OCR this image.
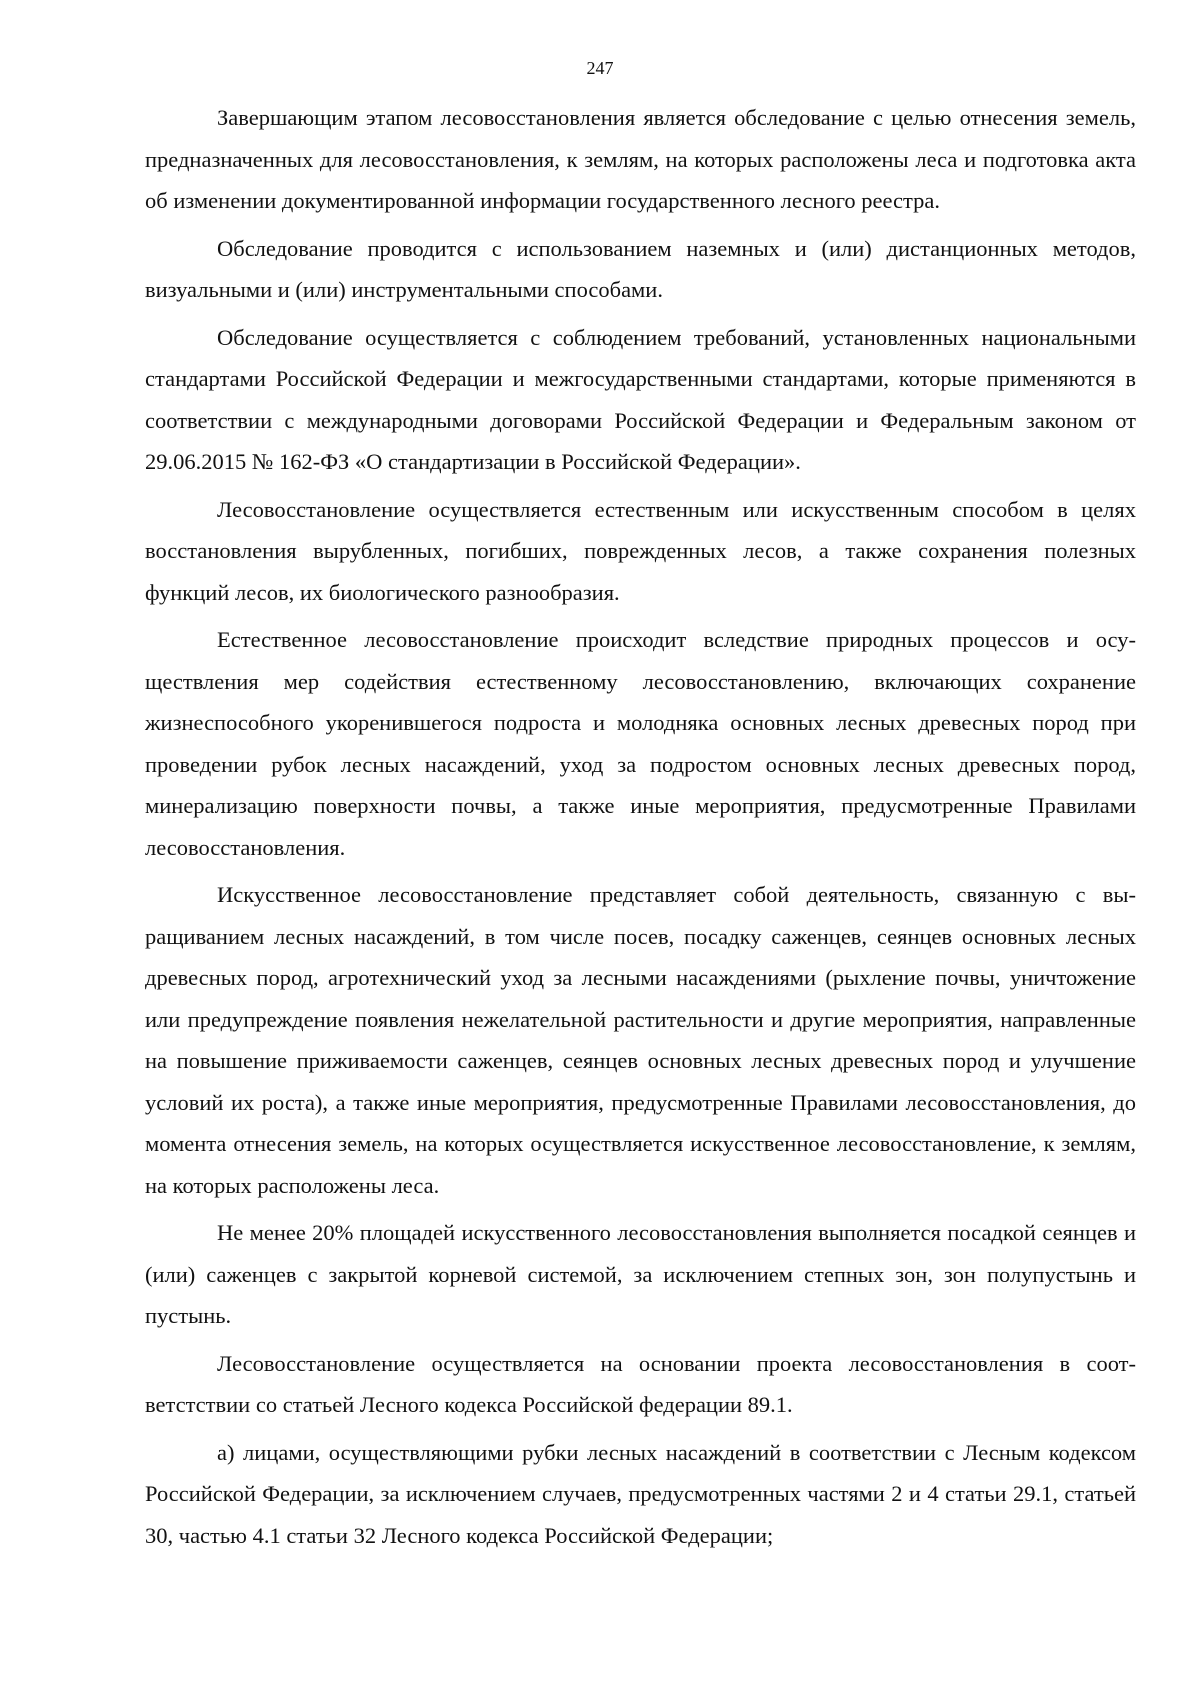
247

Завершающим этапом лесовосстановления является обследование с целью отнесения земель, предназначенных для лесовосстановления, к землям, на которых расположены леса и подготовка акта об изменении документированной информации государственного лесного реестра.

Обследование проводится с использованием наземных и (или) дистанционных методов, визуальными и (или) инструментальными способами.

Обследование осуществляется с соблюдением требований, установленных национальными стандартами Российской Федерации и межгосударственными стандартами, которые применяются в соответствии с международными договорами Российской Федерации и Федеральным законом от 29.06.2015 № 162-ФЗ «О стандартизации в Российской Федерации».

Лесовосстановление осуществляется естественным или искусственным способом в целях восстановления вырубленных, погибших, поврежденных лесов, а также сохранения полезных функций лесов, их биологического разнообразия.

Естественное лесовосстановление происходит вследствие природных процессов и осуществления мер содействия естественному лесовосстановлению, включающих сохранение жизнеспособного укоренившегося подроста и молодняка основных лесных древесных пород при проведении рубок лесных насаждений, уход за подростом основных лесных древесных пород, минерализацию поверхности почвы, а также иные мероприятия, предусмотренные Правилами лесовосстановления.

Искусственное лесовосстановление представляет собой деятельность, связанную с выращиванием лесных насаждений, в том числе посев, посадку саженцев, сеянцев основных лесных древесных пород, агротехнический уход за лесными насаждениями (рыхление почвы, уничтожение или предупреждение появления нежелательной растительности и другие мероприятия, направленные на повышение приживаемости саженцев, сеянцев основных лесных древесных пород и улучшение условий их роста), а также иные мероприятия, предусмотренные Правилами лесовосстановления, до момента отнесения земель, на которых осуществляется искусственное лесовосстановление, к землям, на которых расположены леса.

Не менее 20% площадей искусственного лесовосстановления выполняется посадкой сеянцев и (или) саженцев с закрытой корневой системой, за исключением степных зон, зон полупустынь и пустынь.

Лесовосстановление осуществляется на основании проекта лесовосстановления в соответстствии со статьей Лесного кодекса Российской федерации 89.1.

а) лицами, осуществляющими рубки лесных насаждений в соответствии с Лесным кодексом Российской Федерации, за исключением случаев, предусмотренных частями 2 и 4 статьи 29.1, статьей 30, частью 4.1 статьи 32 Лесного кодекса Российской Федерации;
